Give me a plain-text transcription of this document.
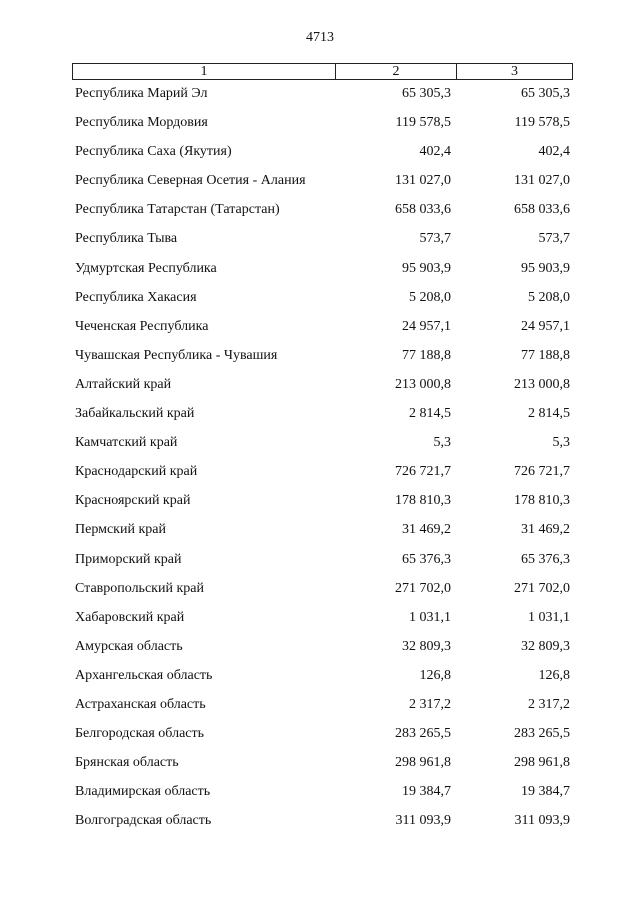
4713
1	2	3
Республика Марий Эл	65 305,3	65 305,3
Республика Мордовия	119 578,5	119 578,5
Республика Саха (Якутия)	402,4	402,4
Республика Северная Осетия - Алания	131 027,0	131 027,0
Республика Татарстан (Татарстан)	658 033,6	658 033,6
Республика Тыва	573,7	573,7
Удмуртская Республика	95 903,9	95 903,9
Республика Хакасия	5 208,0	5 208,0
Чеченская Республика	24 957,1	24 957,1
Чувашская Республика - Чувашия	77 188,8	77 188,8
Алтайский край	213 000,8	213 000,8
Забайкальский край	2 814,5	2 814,5
Камчатский край	5,3	5,3
Краснодарский край	726 721,7	726 721,7
Красноярский край	178 810,3	178 810,3
Пермский край	31 469,2	31 469,2
Приморский край	65 376,3	65 376,3
Ставропольский край	271 702,0	271 702,0
Хабаровский край	1 031,1	1 031,1
Амурская область	32 809,3	32 809,3
Архангельская область	126,8	126,8
Астраханская область	2 317,2	2 317,2
Белгородская область	283 265,5	283 265,5
Брянская область	298 961,8	298 961,8
Владимирская область	19 384,7	19 384,7
Волгоградская область	311 093,9	311 093,9
